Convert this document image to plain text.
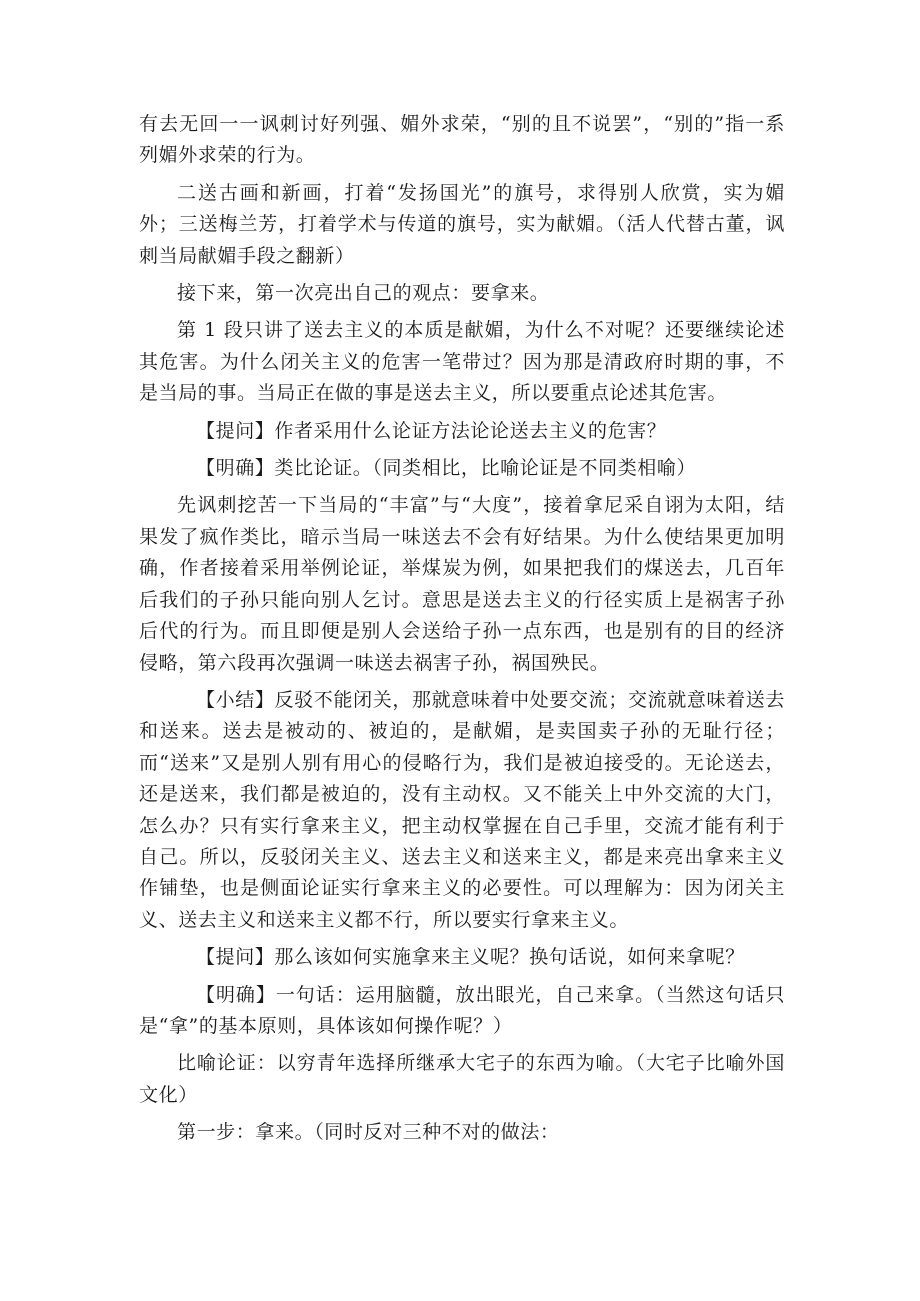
有去无回一一讽刺讨好列强、媚外求荣，“别的且不说罢”，“别的”指一系列媚外求荣的行为。

二送古画和新画，打着“发扬国光”的旗号，求得别人欣赏，实为媚外；三送梅兰芳，打着学术与传道的旗号，实为献媚。（活人代替古董，讽刺当局献媚手段之翻新）

接下来，第一次亮出自己的观点：要拿来。

第 1 段只讲了送去主义的本质是献媚，为什么不对呢？还要继续论述其危害。为什么闭关主义的危害一笔带过？因为那是清政府时期的事，不是当局的事。当局正在做的事是送去主义，所以要重点论述其危害。

【提问】作者采用什么论证方法论论送去主义的危害？

【明确】类比论证。（同类相比，比喻论证是不同类相喻）

先讽刺挖苦一下当局的“丰富”与“大度”，接着拿尼采自诩为太阳，结果发了疯作类比，暗示当局一味送去不会有好结果。为什么使结果更加明确，作者接着采用举例论证，举煤炭为例，如果把我们的煤送去，几百年后我们的子孙只能向别人乞讨。意思是送去主义的行径实质上是祸害子孙后代的行为。而且即便是别人会送给子孙一点东西，也是别有的目的经济侵略，第六段再次强调一味送去祸害子孙，祸国殃民。

【小结】反驳不能闭关，那就意味着中处要交流；交流就意味着送去和送来。送去是被动的、被迫的，是献媚，是卖国卖子孙的无耻行径；而“送来”又是别人别有用心的侵略行为，我们是被迫接受的。无论送去，还是送来，我们都是被迫的，没有主动权。又不能关上中外交流的大门，怎么办？只有实行拿来主义，把主动权掌握在自己手里，交流才能有利于自己。所以，反驳闭关主义、送去主义和送来主义，都是来亮出拿来主义作铺垫，也是侧面论证实行拿来主义的必要性。可以理解为：因为闭关主义、送去主义和送来主义都不行，所以要实行拿来主义。

【提问】那么该如何实施拿来主义呢？换句话说，如何来拿呢？

【明确】一句话：运用脑髓，放出眼光，自己来拿。（当然这句话只是“拿”的基本原则，具体该如何操作呢？）

比喻论证：以穷青年选择所继承大宅子的东西为喻。（大宅子比喻外国文化）

第一步：拿来。（同时反对三种不对的做法：
